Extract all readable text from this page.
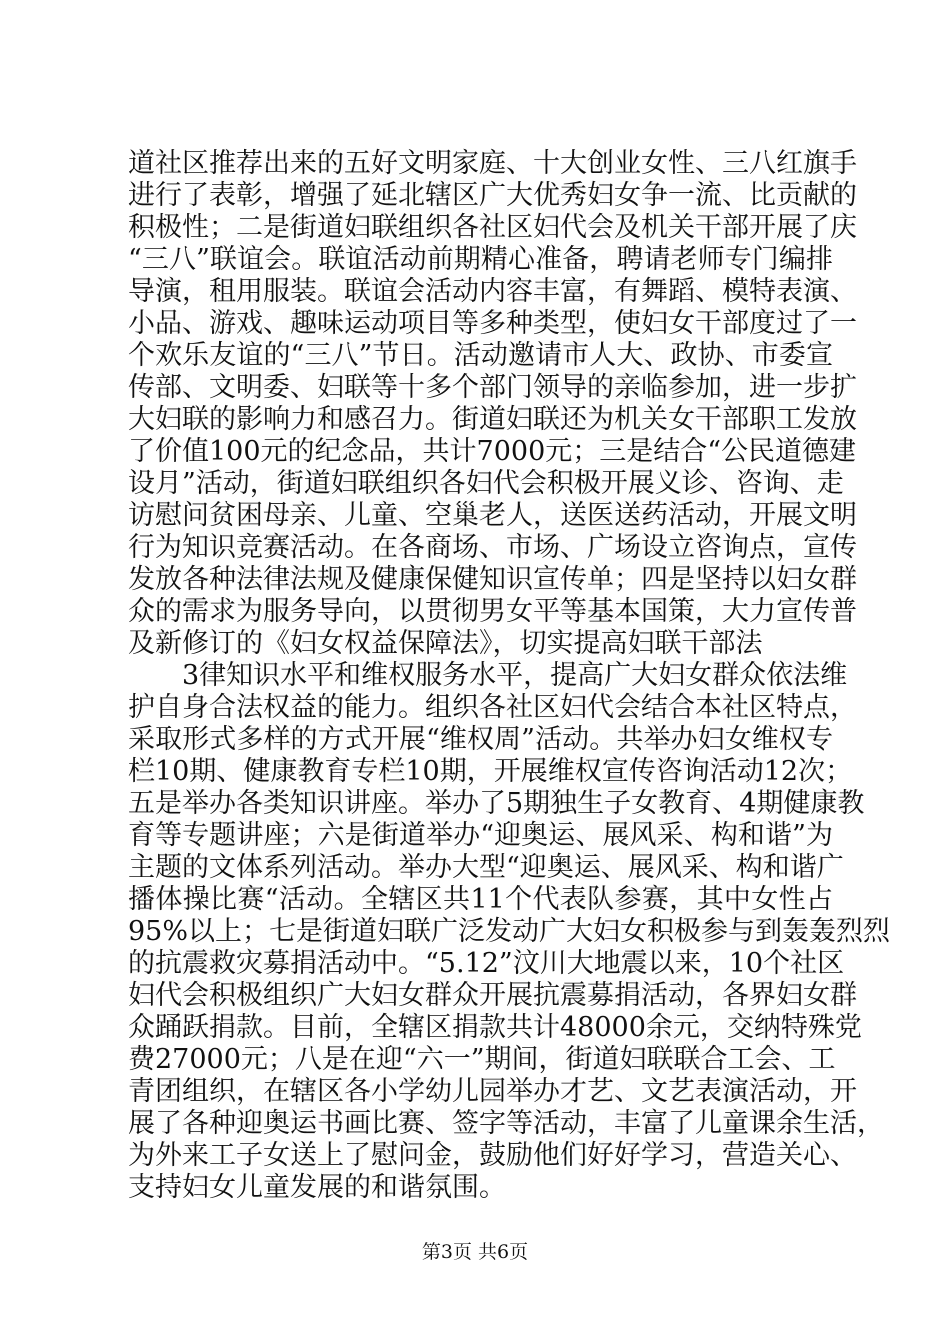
道社区推荐出来的五好文明家庭、十大创业女性、三八红旗手
进行了表彰，增强了延北辖区广大优秀妇女争一流、比贡献的
积极性；二是街道妇联组织各社区妇代会及机关干部开展了庆
“三八”联谊会。联谊活动前期精心准备，聘请老师专门编排
导演，租用服装。联谊会活动内容丰富，有舞蹈、模特表演、
小品、游戏、趣味运动项目等多种类型，使妇女干部度过了一
个欢乐友谊的“三八”节日。活动邀请市人大、政协、市委宣
传部、文明委、妇联等十多个部门领导的亲临参加，进一步扩
大妇联的影响力和感召力。街道妇联还为机关女干部职工发放
了价值100元的纪念品，共计7000元；三是结合“公民道德建
设月”活动，街道妇联组织各妇代会积极开展义诊、咨询、走
访慰问贫困母亲、儿童、空巢老人，送医送药活动，开展文明
行为知识竞赛活动。在各商场、市场、广场设立咨询点，宣传
发放各种法律法规及健康保健知识宣传单；四是坚持以妇女群
众的需求为服务导向，以贯彻男女平等基本国策，大力宣传普
及新修订的《妇女权益保障法》，切实提高妇联干部法
3律知识水平和维权服务水平，提高广大妇女群众依法维
护自身合法权益的能力。组织各社区妇代会结合本社区特点，
采取形式多样的方式开展“维权周”活动。共举办妇女维权专
栏10期、健康教育专栏10期，开展维权宣传咨询活动12次；
五是举办各类知识讲座。举办了5期独生子女教育、4期健康教
育等专题讲座；六是街道举办“迎奥运、展风采、构和谐”为
主题的文体系列活动。举办大型“迎奥运、展风采、构和谐广
播体操比赛“活动。全辖区共11个代表队参赛，其中女性占
95%以上；七是街道妇联广泛发动广大妇女积极参与到轰轰烈烈
的抗震救灾募捐活动中。“5.12”汶川大地震以来，10个社区
妇代会积极组织广大妇女群众开展抗震募捐活动，各界妇女群
众踊跃捐款。目前，全辖区捐款共计48000余元，交纳特殊党
费27000元；八是在迎“六一”期间，街道妇联联合工会、工
青团组织，在辖区各小学幼儿园举办才艺、文艺表演活动，开
展了各种迎奥运书画比赛、签字等活动，丰富了儿童课余生活，
为外来工子女送上了慰问金，鼓励他们好好学习，营造关心、
支持妇女儿童发展的和谐氛围。
第3页 共6页
